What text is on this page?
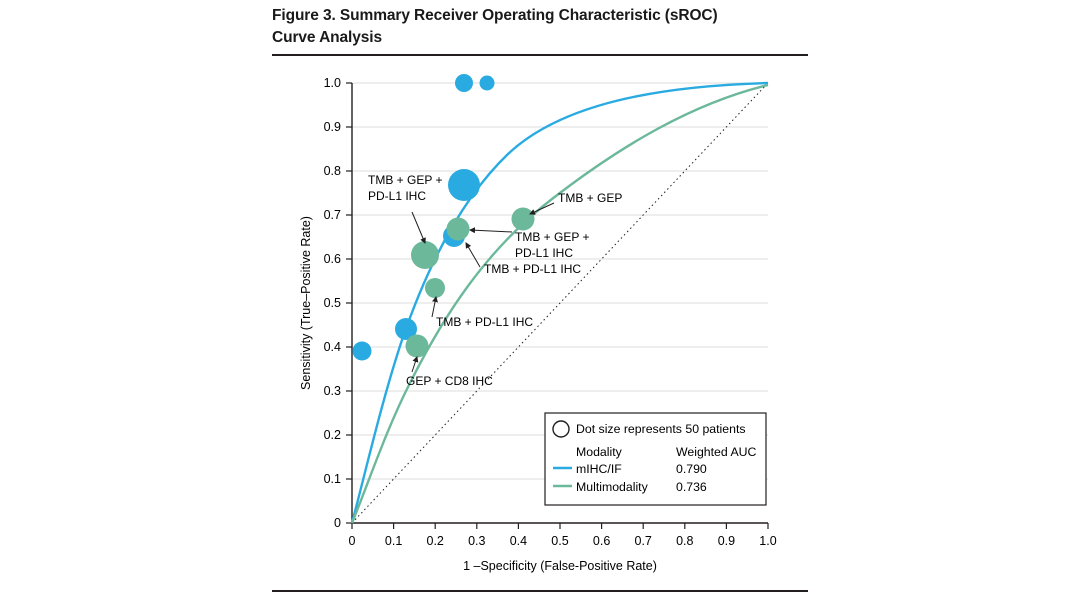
Figure 3. Summary Receiver Operating Characteristic (sROC)
Curve Analysis
1.0
0.9
0.8
0.7
0.6
0.5
0.4
0.3
0.2
0.1
0
0 0.1 0.2 0.3 0.4 0.5 0.6 0.7 0.8 0.9 1.0
1 –Specificity (False-Positive Rate)
Sensitivity (True–Positive Rate)
TMB + GEP +
PD-L1 IHC	TMB + GEP
TMB + GEP +
PD-L1 IHC
TMB + PD-L1 IHC
TMB + PD-L1 IHC
GEP + CD8 IHC
Dot size represents 50 patients
Modality	Weighted AUC
mIHC/IF	0.790
Multimodality 0.736
